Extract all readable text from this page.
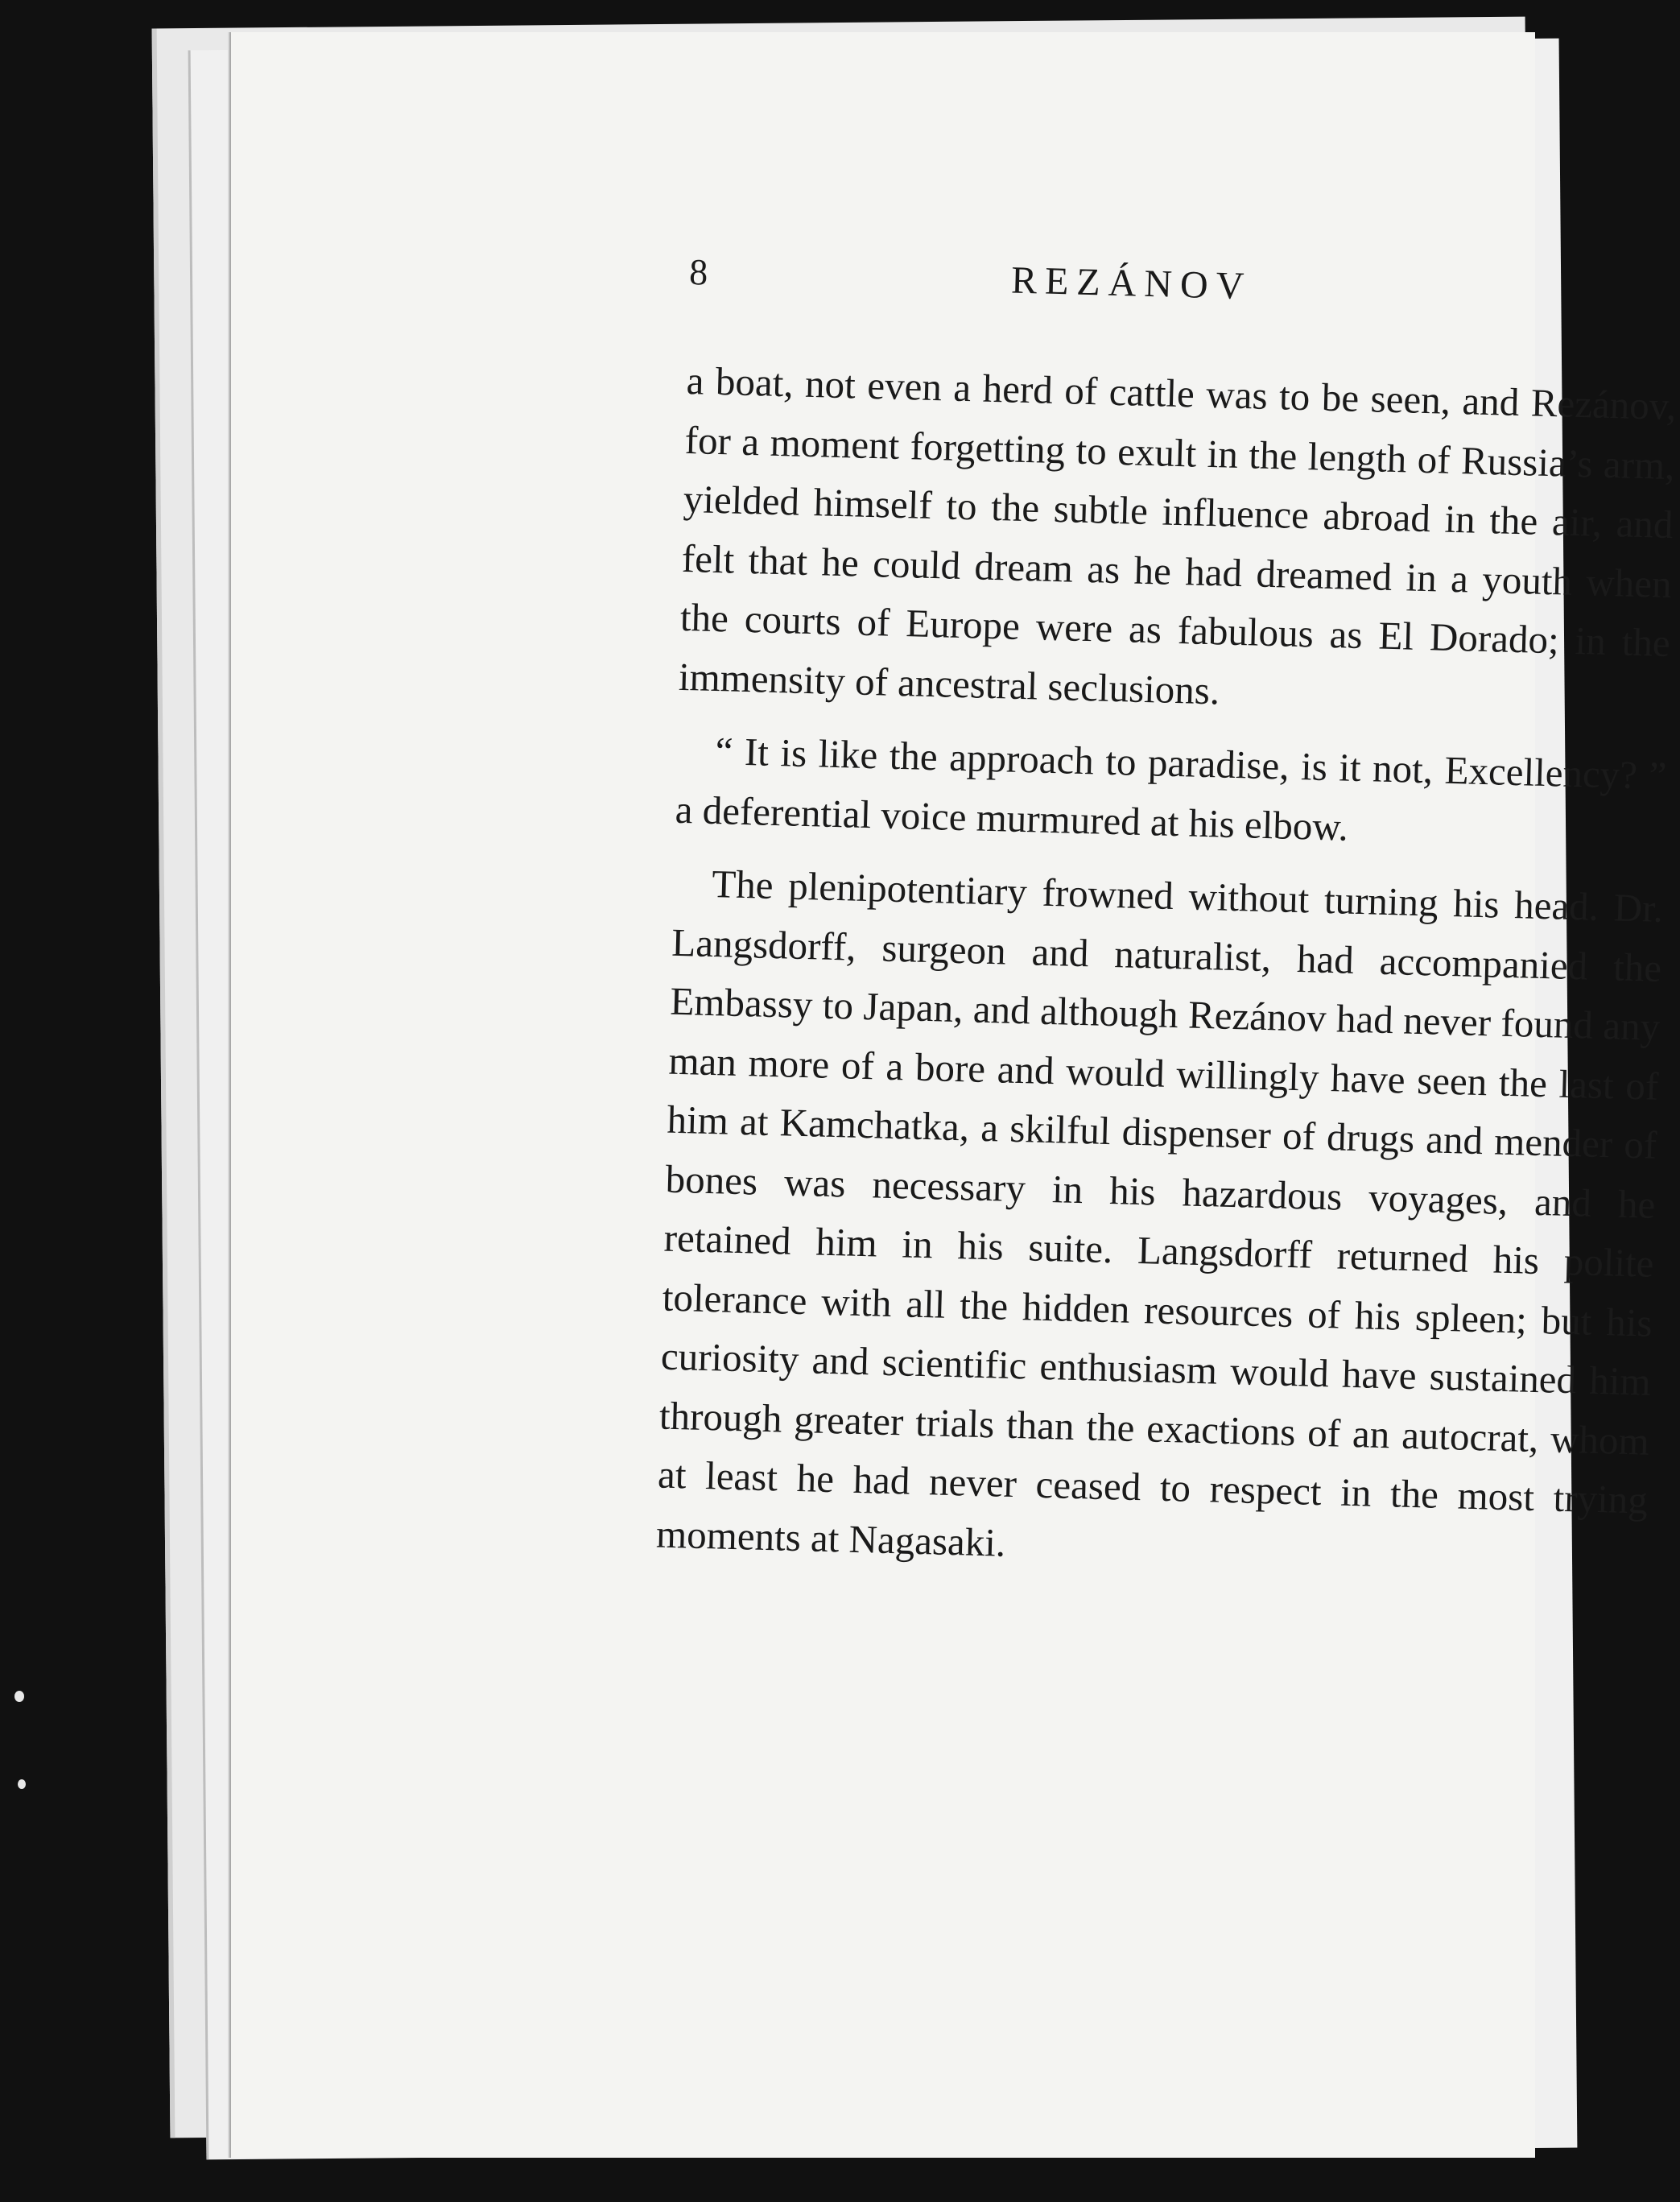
8	REZÁNOV

a boat, not even a herd of cattle was to be seen, and Rezánov, for a moment forgetting to exult in the length of Russia’s arm, yielded himself to the subtle influence abroad in the air, and felt that he could dream as he had dreamed in a youth when the courts of Europe were as fabulous as El Dorado; in the immensity of ancestral seclusions.

“ It is like the approach to paradise, is it not, Excellency? ” a deferential voice murmured at his elbow.

The plenipotentiary frowned without turning his head. Dr. Langsdorff, surgeon and naturalist, had accompanied the Embassy to Japan, and although Rezánov had never found any man more of a bore and would willingly have seen the last of him at Kamchatka, a skilful dispenser of drugs and mender of bones was necessary in his hazardous voyages, and he retained him in his suite. Langsdorff returned his polite tolerance with all the hidden resources of his spleen; but his curiosity and scientific enthusiasm would have sustained him through greater trials than the exactions of an autocrat, whom at least he had never ceased to respect in the most trying moments at Nagasaki.
